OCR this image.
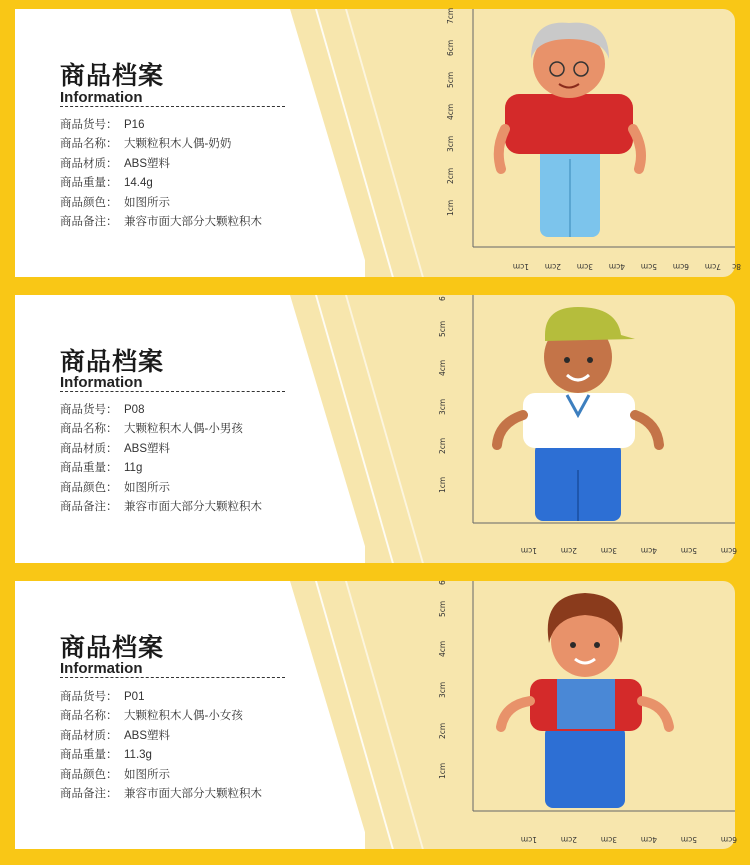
商品档案
Information
商品货号： P16
商品名称： 大颗粒积木人偶-奶奶
商品材质： ABS塑料
商品重量： 14.4g
商品颜色： 如图所示
商品备注： 兼容市面大部分大颗粒积木
1cm
2cm
3cm
4cm
5cm
6cm
7cm
1cm 2cm 3cm 4cm 5cm 6cm 7cm 8c
商品档案
Information
商品货号： P08
商品名称： 大颗粒积木人偶-小男孩
商品材质： ABS塑料
商品重量： 11g
商品颜色： 如图所示
商品备注： 兼容市面大部分大颗粒积木
1cm
2cm
3cm
4cm
5cm
6
1cm	2cm	3cm	4cm	5cm	6cm
商品档案
Information
商品货号： P01
商品名称： 大颗粒积木人偶-小女孩
商品材质： ABS塑料
商品重量： 11.3g
商品颜色： 如图所示
商品备注： 兼容市面大部分大颗粒积木
1cm
2cm
3cm
4cm
5cm
6
1cm	2cm	3cm	4cm	5cm	6cm
